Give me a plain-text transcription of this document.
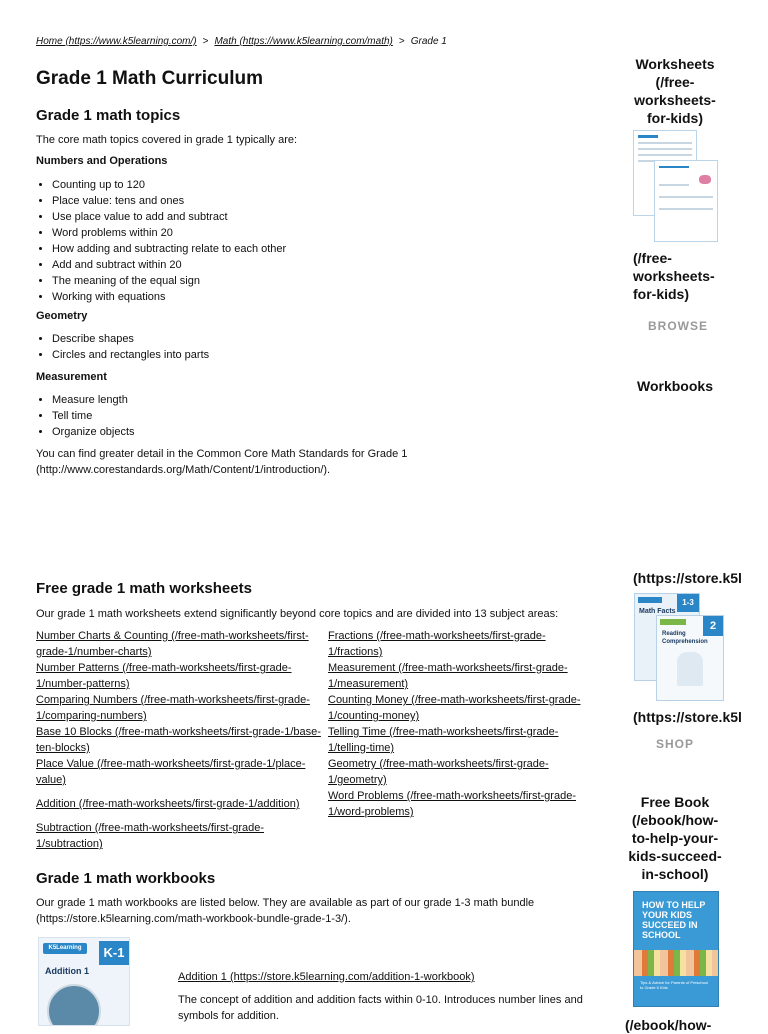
Home (https://www.k5learning.com/) > Math (https://www.k5learning.com/math) > Grade 1
Grade 1 Math Curriculum
Grade 1 math topics

The core math topics covered in grade 1 typically are:

Numbers and Operations
• Counting up to 120
• Place value: tens and ones
• Use place value to add and subtract
• Word problems within 20
• How adding and subtracting relate to each other
• Add and subtract within 20
• The meaning of the equal sign
• Working with equations
Geometry
• Describe shapes
• Circles and rectangles into parts
Measurement
• Measure length
• Tell time
• Organize objects

You can find greater detail in the Common Core Math Standards for Grade 1 (http://www.corestandards.org/Math/Content/1/introduction/).

Free grade 1 math worksheets

Our grade 1 math worksheets extend significantly beyond core topics and are divided into 13 subject areas:

Number Charts & Counting (/free-math-worksheets/first-grade-1/number-charts)
Number Patterns (/free-math-worksheets/first-grade-1/number-patterns)
Comparing Numbers (/free-math-worksheets/first-grade-1/comparing-numbers)
Base 10 Blocks (/free-math-worksheets/first-grade-1/base-ten-blocks)
Place Value (/free-math-worksheets/first-grade-1/place-value)
Addition (/free-math-worksheets/first-grade-1/addition)
Subtraction (/free-math-worksheets/first-grade-1/subtraction)
Fractions (/free-math-worksheets/first-grade-1/fractions)
Measurement (/free-math-worksheets/first-grade-1/measurement)
Counting Money (/free-math-worksheets/first-grade-1/counting-money)
Telling Time (/free-math-worksheets/first-grade-1/telling-time)
Geometry (/free-math-worksheets/first-grade-1/geometry)
Word Problems (/free-math-worksheets/first-grade-1/word-problems)
Grade 1 math workbooks

Our grade 1 math workbooks are listed below. They are available as part of our grade 1-3 math bundle (https://store.k5learning.com/math-workbook-bundle-grade-1-3/).

K5Learning	K-1
Addition 1	Addition 1 (https://store.k5learning.com/addition-1-workbook)

The concept of addition and addition facts within 0-10. Introduces number lines and symbols for addition.

Worksheets (/free-worksheets-for-kids)
(/free-worksheets-for-kids)
BROWSE
Workbooks
(https://store.k5l
1-3
Math Facts
2
Reading Comprehension
(https://store.k5l
SHOP
Free Book (/ebook/how-to-help-your-kids-succeed-in-school)
HOW TO HELP YOUR KIDS SUCCEED IN SCHOOL
Tips & Advice for Parents of Preschool to Grade 5 Kids
(/ebook/how-
